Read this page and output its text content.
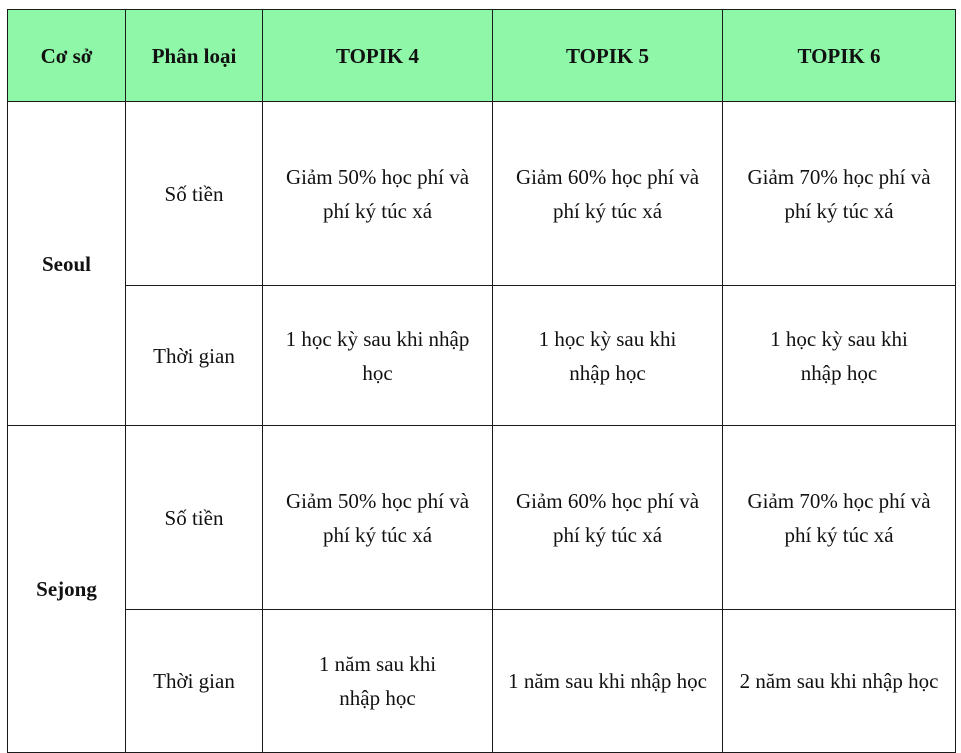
Cơ sở	Phân loại	TOPIK 4	TOPIK 5	TOPIK 6
Seoul	Số tiền	Giảm 50% học phí và phí ký túc xá	Giảm 60% học phí và phí ký túc xá	Giảm 70% học phí và phí ký túc xá
	Thời gian	1 học kỳ sau khi nhập học	1 học kỳ sau khi nhập học	1 học kỳ sau khi nhập học
Sejong	Số tiền	Giảm 50% học phí và phí ký túc xá	Giảm 60% học phí và phí ký túc xá	Giảm 70% học phí và phí ký túc xá
	Thời gian	1 năm sau khi nhập học	1 năm sau khi nhập học	2 năm sau khi nhập học
